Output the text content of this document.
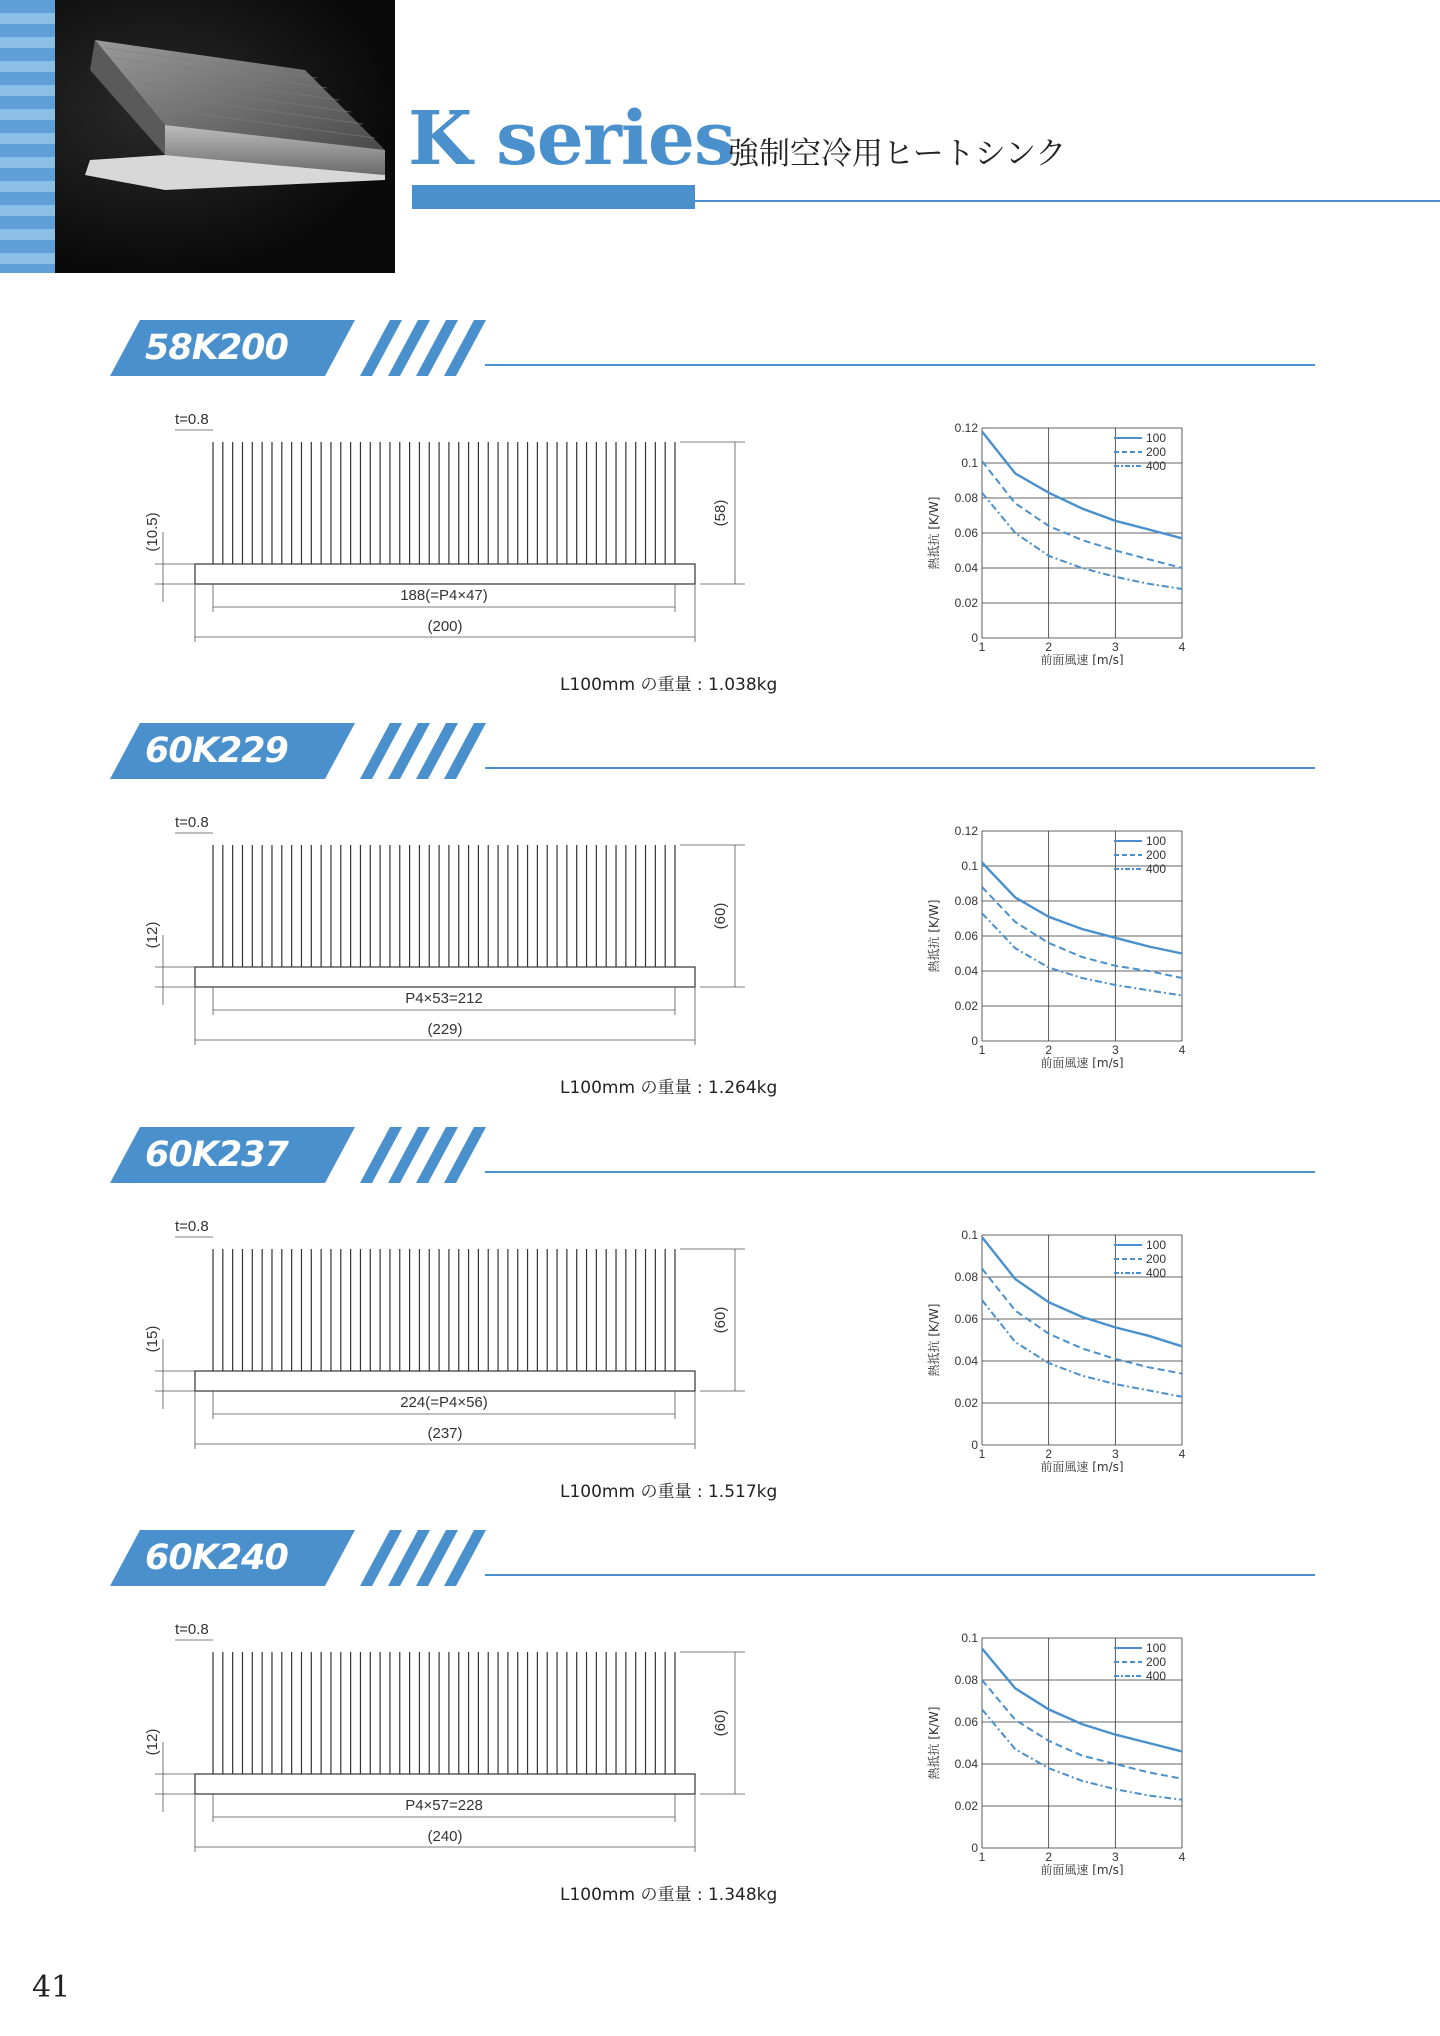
K series
強制空冷用ヒートシンク
58K200
(58)
(10.5)
t=0.8
188(=P4×47)
(200)
L100mm の重量 : 1.038kg
0
0.02
0.04
0.06
0.08
0.1
0.12
1	2	3	4
熱抵抗 [K/W]
前面風速 [m/s]
100
200
400
60K229
(60)
(12)
t=0.8
P4×53=212
(229)
L100mm の重量 : 1.264kg
0
0.02
0.04
0.06
0.08
0.1
0.12
1	2	3	4
熱抵抗 [K/W]
前面風速 [m/s]
100
200
400
60K237
(60)
(15)
t=0.8
224(=P4×56)
(237)
L100mm の重量 : 1.517kg
0
0.02
0.04
0.06
0.08
0.1
1	2	3	4
熱抵抗 [K/W]
前面風速 [m/s]
100
200
400
60K240
(60)
(12)
t=0.8
P4×57=228
(240)
L100mm の重量 : 1.348kg
0
0.02
0.04
0.06
0.08
0.1
1	2	3	4
熱抵抗 [K/W]
前面風速 [m/s]
100
200
400
41
